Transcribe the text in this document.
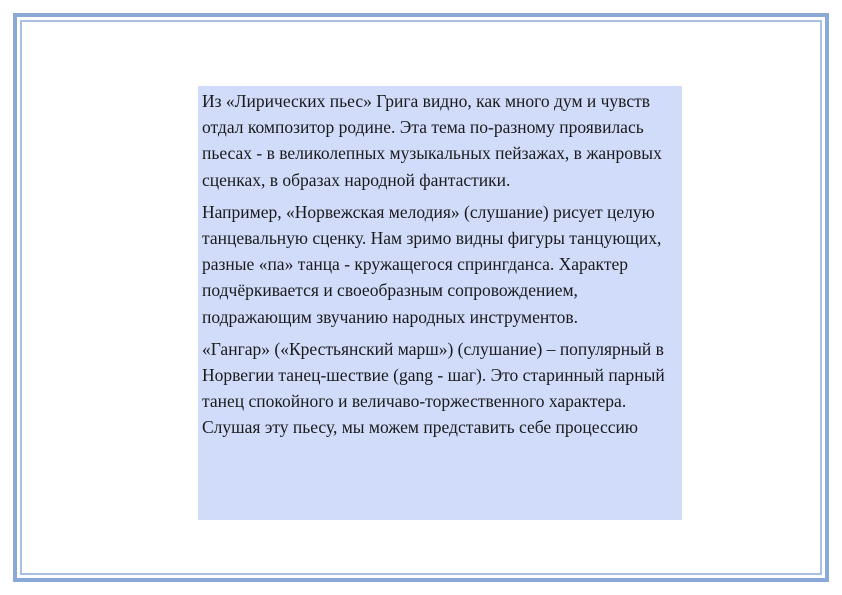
Из «Лирических пьес» Грига видно, как много дум и чувств отдал композитор родине. Эта тема по-разному проявилась пьесах - в великолепных музыкальных пейзажах, в жанровых сценках, в образах народной фантастики.

Например, «Норвежская мелодия» (слушание) рисует целую танцевальную сценку. Нам зримо видны фигуры танцующих, разные «па» танца - кружащегося спрингданса. Характер подчёркивается и своеобразным сопровождением, подражающим звучанию народных инструментов.

«Гангар» («Крестьянский марш») (слушание) – популярный в Норвегии танец-шествие (gang - шаг). Это старинный парный танец спокойного и величаво-торжественного характера. Слушая эту пьесу, мы можем представить себе процессию
